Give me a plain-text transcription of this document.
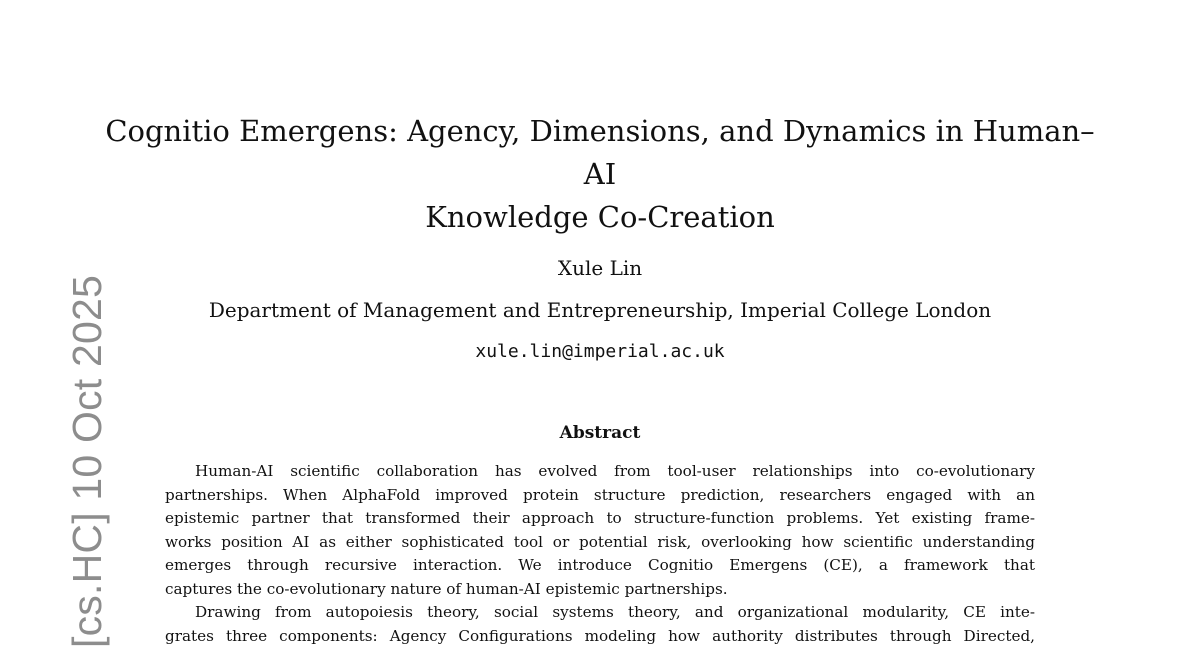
[cs.HC] 10 Oct 2025
Cognitio Emergens: Agency, Dimensions, and Dynamics in Human–AI
Knowledge Co-Creation
Xule Lin
Department of Management and Entrepreneurship, Imperial College London
xule.lin@imperial.ac.uk
Abstract

Human-AI scientific collaboration has evolved from tool-user relationships into co-evolutionary
partnerships. When AlphaFold improved protein structure prediction, researchers engaged with an
epistemic partner that transformed their approach to structure-function problems. Yet existing frame-
works position AI as either sophisticated tool or potential risk, overlooking how scientific understanding
emerges through recursive interaction. We introduce Cognitio Emergens (CE), a framework that
captures the co-evolutionary nature of human-AI epistemic partnerships.

Drawing from autopoiesis theory, social systems theory, and organizational modularity, CE inte-
grates three components: Agency Configurations modeling how authority distributes through Directed,
